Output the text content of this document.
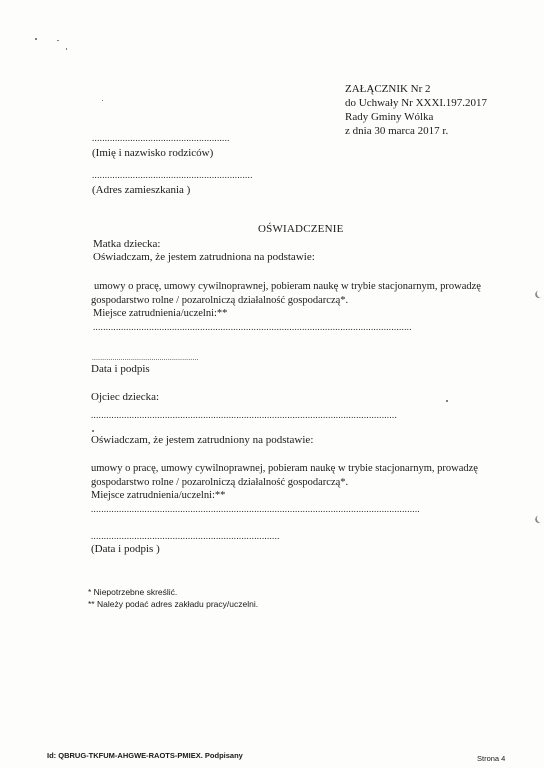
ZAŁĄCZNIK Nr 2
do Uchwały Nr XXXI.197.2017
Rady Gminy Wólka
z dnia 30 marca 2017 r.
......................................................
(Imię i nazwisko rodziców)
...............................................................
(Adres zamieszkania )
OŚWIADCZENIE
Matka dziecka:
Oświadczam, że jestem zatrudniona na podstawie:
umowy o pracę, umowy cywilnoprawnej, pobieram naukę w trybie stacjonarnym, prowadzę
gospodarstwo rolne / pozarolniczą działalność gospodarczą*.
Miejsce zatrudnienia/uczelni:**
.............................................................................................................................
....................................................
Data i podpis
Ojciec dziecka:
........................................................................................................................
Oświadczam, że jestem zatrudniony na podstawie:
umowy o pracę, umowy cywilnoprawnej, pobieram naukę w trybie stacjonarnym, prowadzę
gospodarstwo rolne / pozarolniczą działalność gospodarczą*.
Miejsce zatrudnienia/uczelni:**
.................................................................................................................................
..........................................................................
(Data i podpis )
* Niepotrzebne skreślić.
** Należy podać adres zakładu pracy/uczelni.
Id: QBRUG-TKFUM-AHGWE-RAOTS-PMIEX. Podpisany	Strona 4
